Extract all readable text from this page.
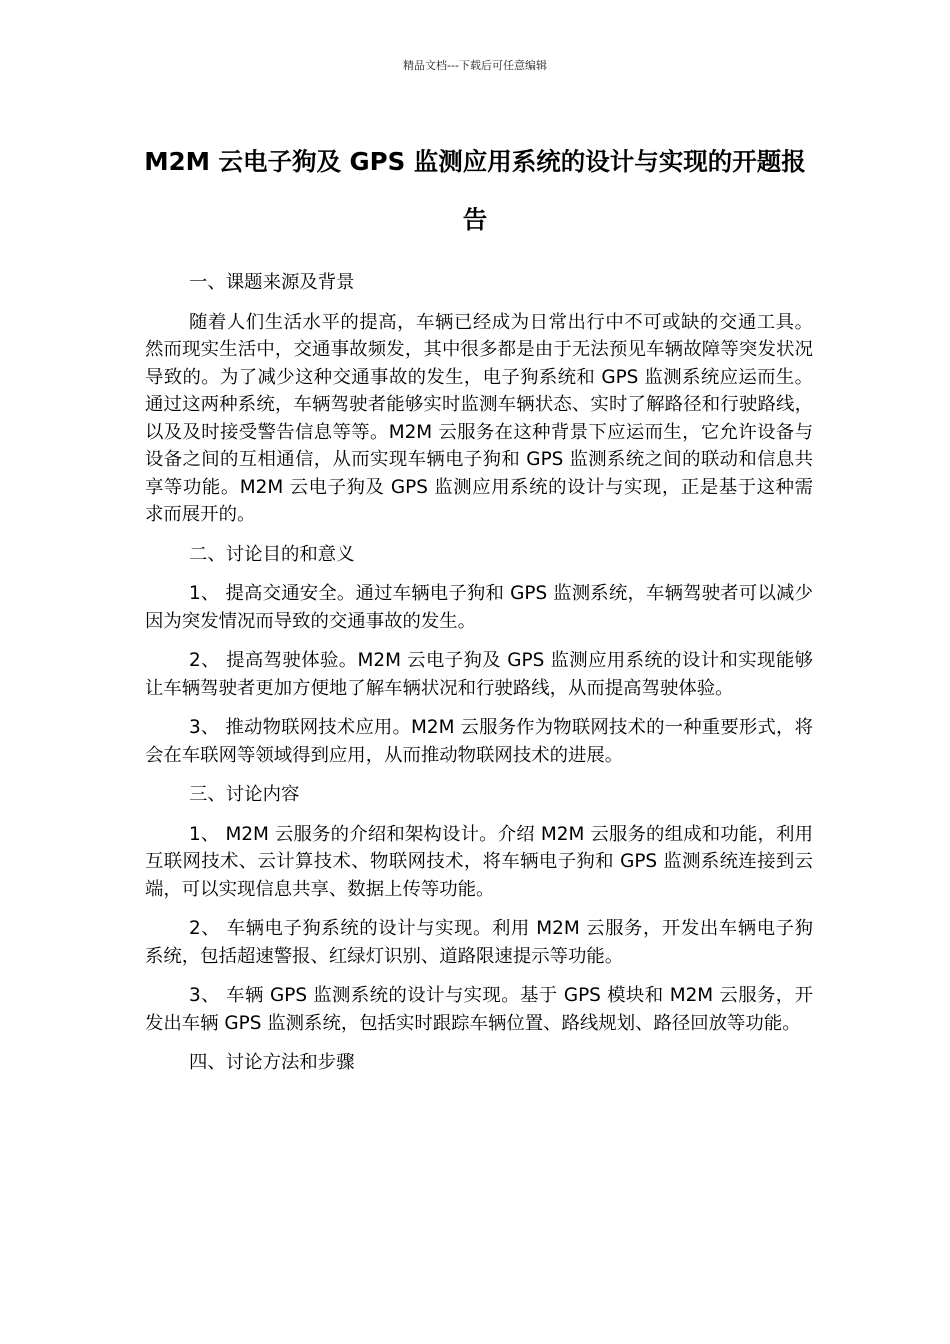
精品文档---下载后可任意编辑
M2M 云电子狗及 GPS 监测应用系统的设计与实现的开题报告

一、课题来源及背景

随着人们生活水平的提高，车辆已经成为日常出行中不可或缺的交通工具。然而现实生活中，交通事故频发，其中很多都是由于无法预见车辆故障等突发状况导致的。为了减少这种交通事故的发生，电子狗系统和 GPS 监测系统应运而生。通过这两种系统，车辆驾驶者能够实时监测车辆状态、实时了解路径和行驶路线，以及及时接受警告信息等等。M2M 云服务在这种背景下应运而生，它允许设备与设备之间的互相通信，从而实现车辆电子狗和 GPS 监测系统之间的联动和信息共享等功能。M2M 云电子狗及 GPS 监测应用系统的设计与实现，正是基于这种需求而展开的。

二、讨论目的和意义

1、 提高交通安全。通过车辆电子狗和 GPS 监测系统，车辆驾驶者可以减少因为突发情况而导致的交通事故的发生。

2、 提高驾驶体验。M2M 云电子狗及 GPS 监测应用系统的设计和实现能够让车辆驾驶者更加方便地了解车辆状况和行驶路线，从而提高驾驶体验。

3、 推动物联网技术应用。M2M 云服务作为物联网技术的一种重要形式，将会在车联网等领域得到应用，从而推动物联网技术的进展。

三、讨论内容

1、 M2M 云服务的介绍和架构设计。介绍 M2M 云服务的组成和功能，利用互联网技术、云计算技术、物联网技术，将车辆电子狗和 GPS 监测系统连接到云端，可以实现信息共享、数据上传等功能。

2、 车辆电子狗系统的设计与实现。利用 M2M 云服务，开发出车辆电子狗系统，包括超速警报、红绿灯识别、道路限速提示等功能。

3、 车辆 GPS 监测系统的设计与实现。基于 GPS 模块和 M2M 云服务，开发出车辆 GPS 监测系统，包括实时跟踪车辆位置、路线规划、路径回放等功能。

四、讨论方法和步骤
